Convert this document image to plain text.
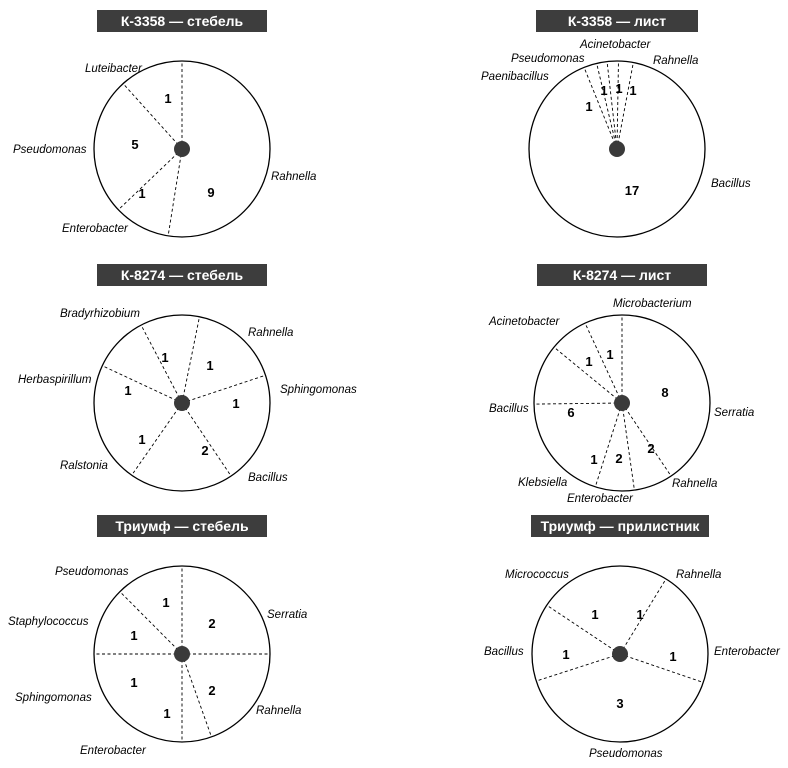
К-3358 — стебель
9
Rahnella
1
Enterobacter
5
Pseudomonas
1
Luteibacter
К-3358 — лист
17	Bacillus
1
Paenibacillus
1
Pseudomonas
1
Acinetobacter
1
Rahnella
К-8274 — стебель
1
Rahnella
1
Sphingomonas
2
Bacillus
1
Ralstonia
1
Herbaspirillum
1
Bradyrhizobium
К-8274 — лист
8
Serratia
2
Rahnella
2
Enterobacter
1
Klebsiella
6
Bacillus
1
Acinetobacter
1
Microbacterium
Триумф — стебель
2
Serratia
2
Rahnella
1
Enterobacter
1
Sphingomonas
1
Staphylococcus
1
Pseudomonas
Триумф — прилистник
1
Rahnella
1	Enterobacter
3
Pseudomonas
1
Bacillus
1
Micrococcus
